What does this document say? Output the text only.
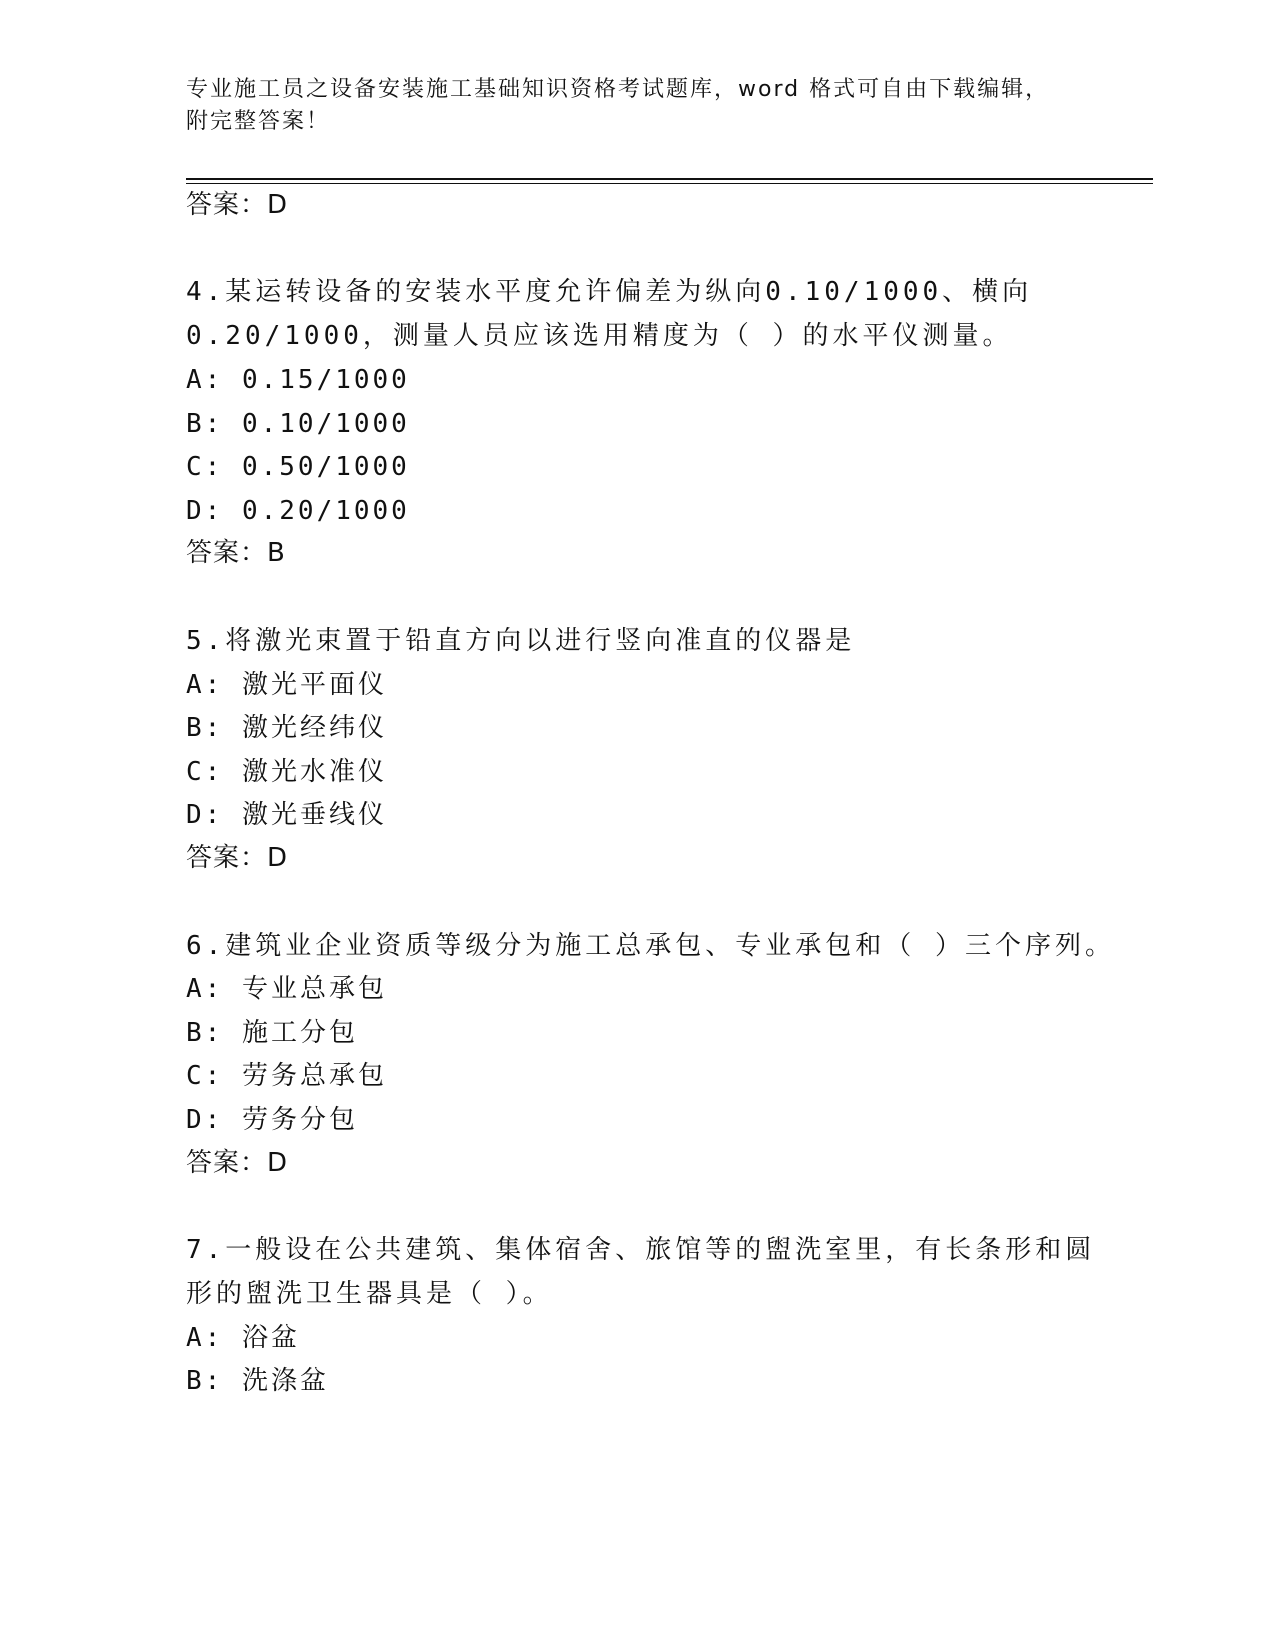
专业施工员之设备安装施工基础知识资格考试题库，word 格式可自由下载编辑，
附完整答案！
答案：D
4.某运转设备的安装水平度允许偏差为纵向0.10/1000、横向
0.20/1000，测量人员应该选用精度为（ ）的水平仪测量。
A: 0.15/1000
B: 0.10/1000
C: 0.50/1000
D: 0.20/1000
答案：B
5.将激光束置于铅直方向以进行竖向准直的仪器是
A: 激光平面仪
B: 激光经纬仪
C: 激光水准仪
D: 激光垂线仪
答案：D
6.建筑业企业资质等级分为施工总承包、专业承包和（ ）三个序列。
A: 专业总承包
B: 施工分包
C: 劳务总承包
D: 劳务分包
答案：D
7.一般设在公共建筑、集体宿舍、旅馆等的盥洗室里，有长条形和圆
形的盥洗卫生器具是（ ）。
A: 浴盆
B: 洗涤盆
